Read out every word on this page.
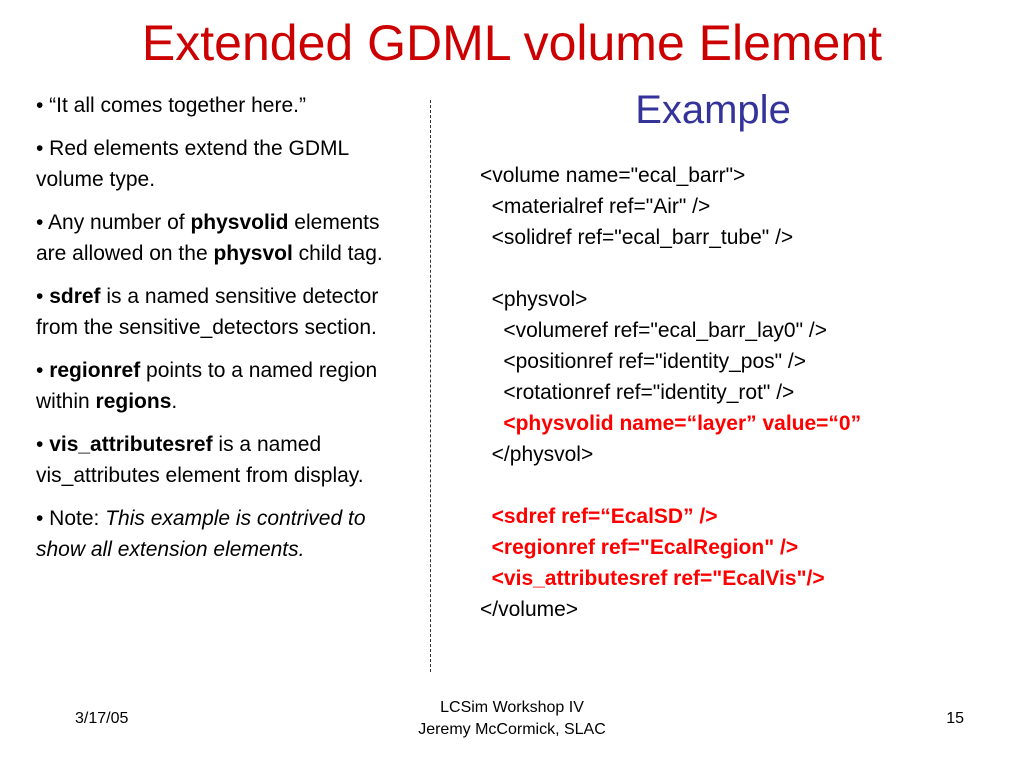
Extended GDML volume Element
Example
• “It all comes together here.”
• Red elements extend the GDML volume type.
• Any number of physvolid elements are allowed on the physvol child tag.
• sdref is a named sensitive detector from the sensitive_detectors section.
• regionref points to a named region within regions.
• vis_attributesref is a named vis_attributes element from display.
• Note: This example is contrived to show all extension elements.
<volume name="ecal_barr">
<materialref ref="Air" />
<solidref ref="ecal_barr_tube" />
<physvol>
<volumeref ref="ecal_barr_lay0" />
<positionref ref="identity_pos" />
<rotationref ref="identity_rot" />
<physvolid name=“layer” value=“0”
</physvol>
<sdref ref=“EcalSD” />
<regionref ref="EcalRegion" />
<vis_attributesref ref="EcalVis"/>
</volume>
3/17/05
LCSim Workshop IV
Jeremy McCormick, SLAC
15
